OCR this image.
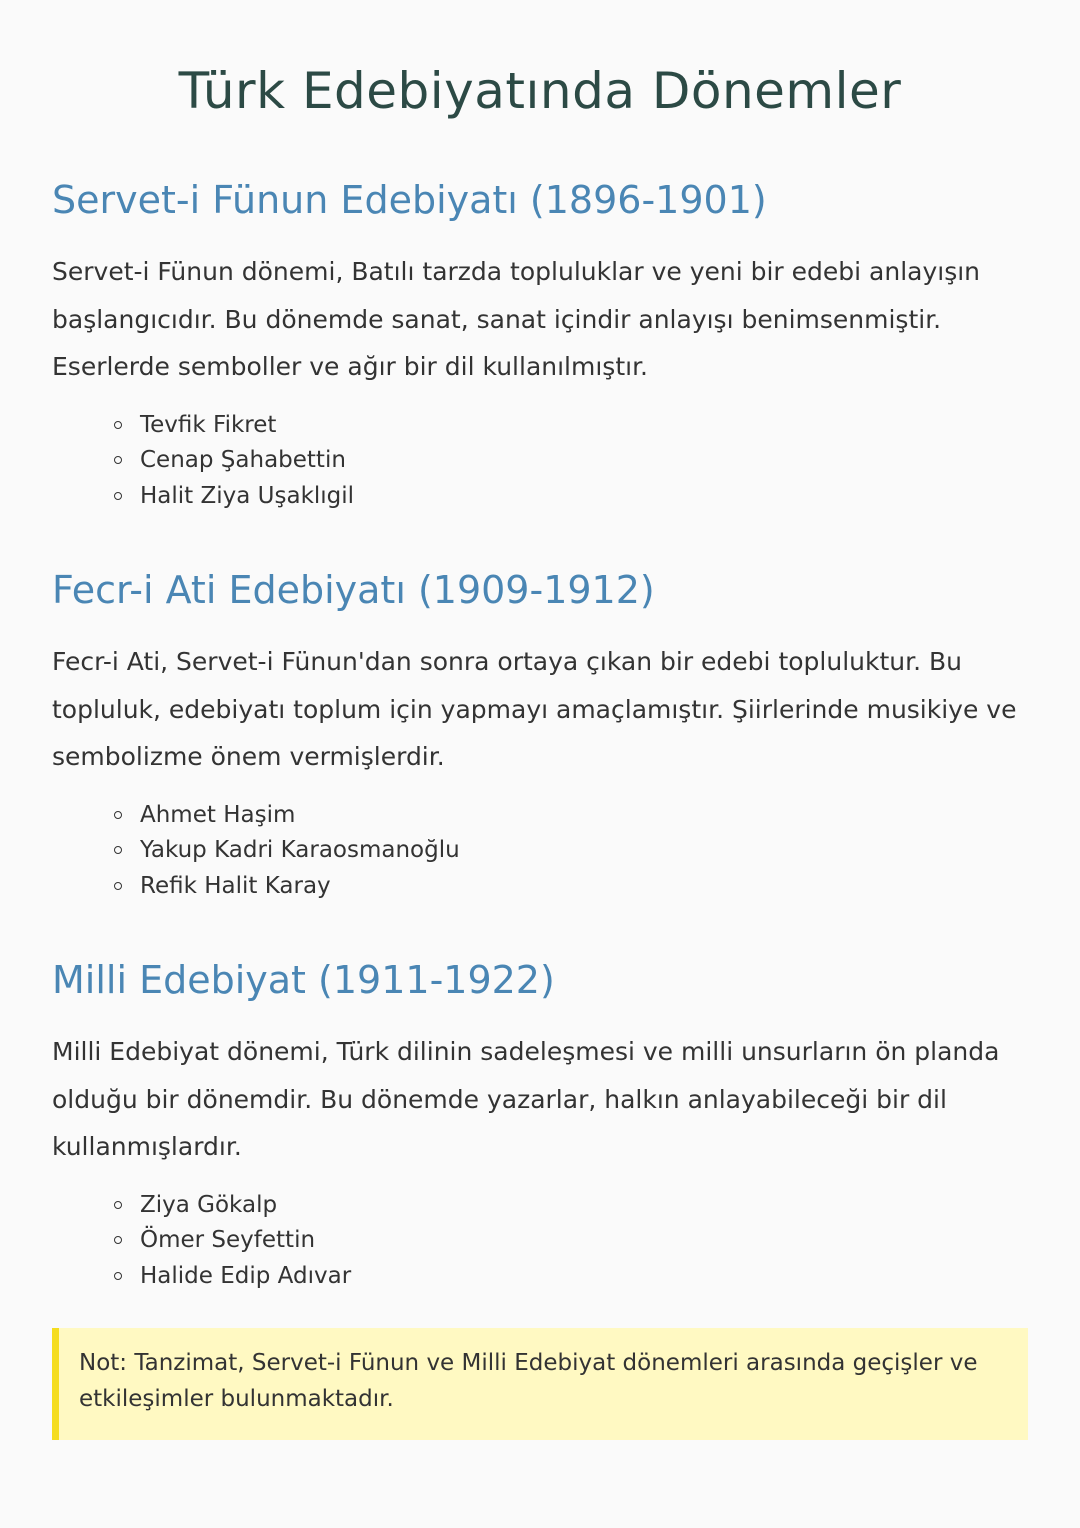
Türk Edebiyatında Dönemler
Servet-i Fünun Edebiyatı (1896-1901)

Servet-i Fünun dönemi, Batılı tarzda topluluklar ve yeni bir edebi anlayışın başlangıcıdır. Bu dönemde sanat, sanat içindir anlayışı benimsenmiştir. Eserlerde semboller ve ağır bir dil kullanılmıştır.

Tevfik Fikret
Cenap Şahabettin
Halit Ziya Uşaklıgil
Fecr-i Ati Edebiyatı (1909-1912)

Fecr-i Ati, Servet-i Fünun'dan sonra ortaya çıkan bir edebi topluluktur. Bu topluluk, edebiyatı toplum için yapmayı amaçlamıştır. Şiirlerinde musikiye ve sembolizme önem vermişlerdir.

Ahmet Haşim
Yakup Kadri Karaosmanoğlu
Refik Halit Karay
Milli Edebiyat (1911-1922)

Milli Edebiyat dönemi, Türk dilinin sadeleşmesi ve milli unsurların ön planda olduğu bir dönemdir. Bu dönemde yazarlar, halkın anlayabileceği bir dil kullanmışlardır.

Ziya Gökalp
Ömer Seyfettin
Halide Edip Adıvar

Not: Tanzimat, Servet-i Fünun ve Milli Edebiyat dönemleri arasında geçişler ve etkileşimler bulunmaktadır.
